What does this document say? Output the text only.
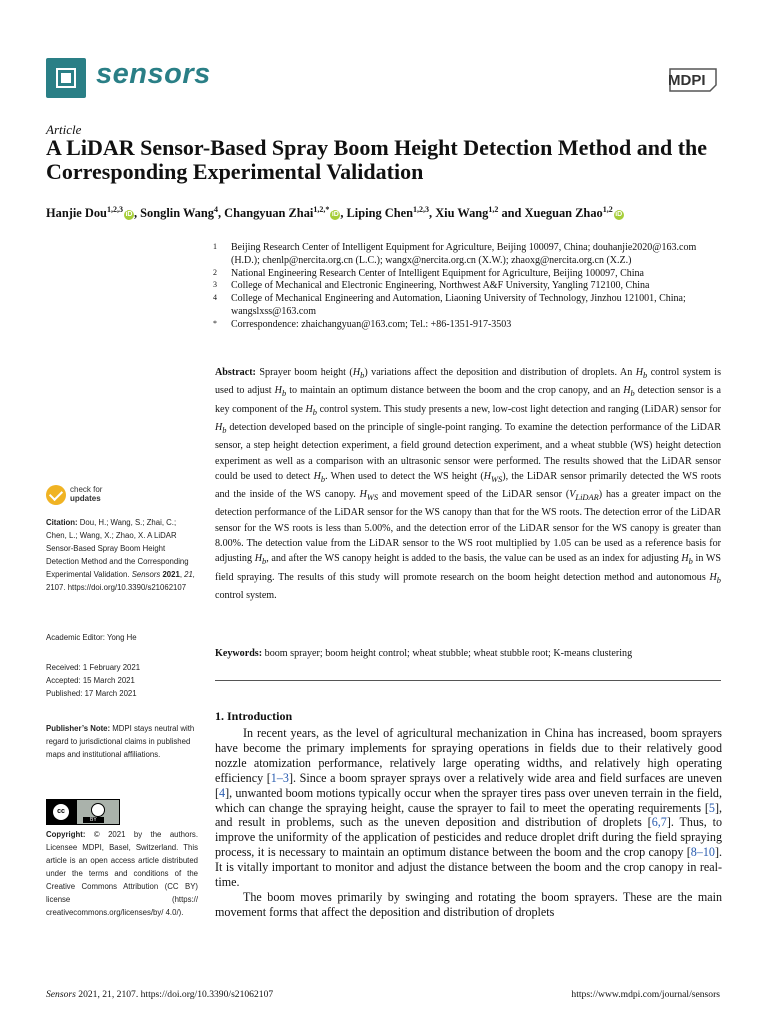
sensors	MDPI
Article
A LiDAR Sensor-Based Spray Boom Height Detection Method and the Corresponding Experimental Validation
Hanjie Dou$^{1,2,3}$iD , Songlin Wang$^4$, Changyuan Zhai$^{1,2,*}$iD , Liping Chen$^{1,2,3}$, Xiu Wang$^{1,2}$ and Xueguan Zhao$^{1,2}$iD
1	Beijing Research Center of Intelligent Equipment for Agriculture, Beijing 100097, China; douhanjie2020@163.com (H.D.); chenlp@nercita.org.cn (L.C.); wangx@nercita.org.cn (X.W.); zhaoxg@nercita.org.cn (X.Z.)
2	National Engineering Research Center of Intelligent Equipment for Agriculture, Beijing 100097, China
3	College of Mechanical and Electronic Engineering, Northwest A&F University, Yangling 712100, China
4	College of Mechanical Engineering and Automation, Liaoning University of Technology, Jinzhou 121001, China; wangslxss@163.com
*	Correspondence: zhaichangyuan@163.com; Tel.: +86-1351-917-3503
Abstract: Sprayer boom height $(H_b)$ variations affect the deposition and distribution of droplets. An $H_b$ control system is used to adjust $H_b$ to maintain an optimum distance between the boom and the crop canopy, and an $H_b$ detection sensor is a key component of the $H_b$ control system. This study presents a new, low-cost light detection and ranging (LiDAR) sensor for $H_b$ detection developed based on the principle of single-point ranging. To examine the detection performance of the LiDAR sensor, a step height detection experiment, a field ground detection experiment, and a wheat stubble (WS) height detection experiment as well as a comparison with an ultrasonic sensor were performed. The results showed that the LiDAR sensor could be used to detect $H_b$. When used to detect the WS height $(H_{WS})$, the LiDAR sensor primarily detected the WS roots and the inside of the WS canopy. $H_{WS}$ and movement speed of the LiDAR sensor $(V_{LiDAR})$ has a greater impact on the detection performance of the LiDAR sensor for the WS canopy than that for the WS roots. The detection error of the LiDAR sensor for the WS roots is less than 5.00%, and the detection error of the LiDAR sensor for the WS canopy is greater than 8.00%. The detection value from the LiDAR sensor to the WS root multiplied by 1.05 can be used as a reference basis for adjusting $H_b$, and after the WS canopy height is added to the basis, the value can be used as an index for adjusting $H_b$ in WS field spraying. The results of this study will promote research on the boom height detection method and autonomous $H_b$ control system.
Keywords: boom sprayer; boom height control; wheat stubble; wheat stubble root; K-means clustering
1. Introduction

In recent years, as the level of agricultural mechanization in China has increased, boom sprayers have become the primary implements for spraying operations in fields due to their relatively good nozzle atomization performance, relatively large operating widths, and relatively high operating efficiency [1–3]. Since a boom sprayer sprays over a relatively wide area and field surfaces are uneven [4], unwanted boom motions typically occur when the sprayer tires pass over uneven terrain in the field, which can change the spraying height, cause the sprayer to fail to meet the operating requirements [5], and result in problems, such as the uneven deposition and distribution of droplets [6,7]. Thus, to improve the uniformity of the application of pesticides and reduce droplet drift during the field spraying process, it is necessary to maintain an optimum distance between the boom and the crop canopy [8–10]. It is vitally important to monitor and adjust the distance between the boom and the crop canopy in real-time.

The boom moves primarily by swinging and rotating the boom sprayers. These are the main movement forms that affect the deposition and distribution of droplets

check for
updates
Citation: Dou, H.; Wang, S.; Zhai, C.; Chen, L.; Wang, X.; Zhao, X. A LiDAR Sensor-Based Spray Boom Height Detection Method and the Corresponding Experimental Validation. Sensors 2021, 21, 2107. https://doi.org/10.3390/s21062107
Academic Editor: Yong He
Received: 1 February 2021
Accepted: 15 March 2021
Published: 17 March 2021
Publisher’s Note: MDPI stays neutral with regard to jurisdictional claims in published maps and institutional affiliations.
cc
BY
Copyright: © 2021 by the authors. Licensee MDPI, Basel, Switzerland. This article is an open access article distributed under the terms and conditions of the Creative Commons Attribution (CC BY) license (https:// creativecommons.org/licenses/by/ 4.0/).
Sensors 2021, 21, 2107. https://doi.org/10.3390/s21062107	https://www.mdpi.com/journal/sensors
